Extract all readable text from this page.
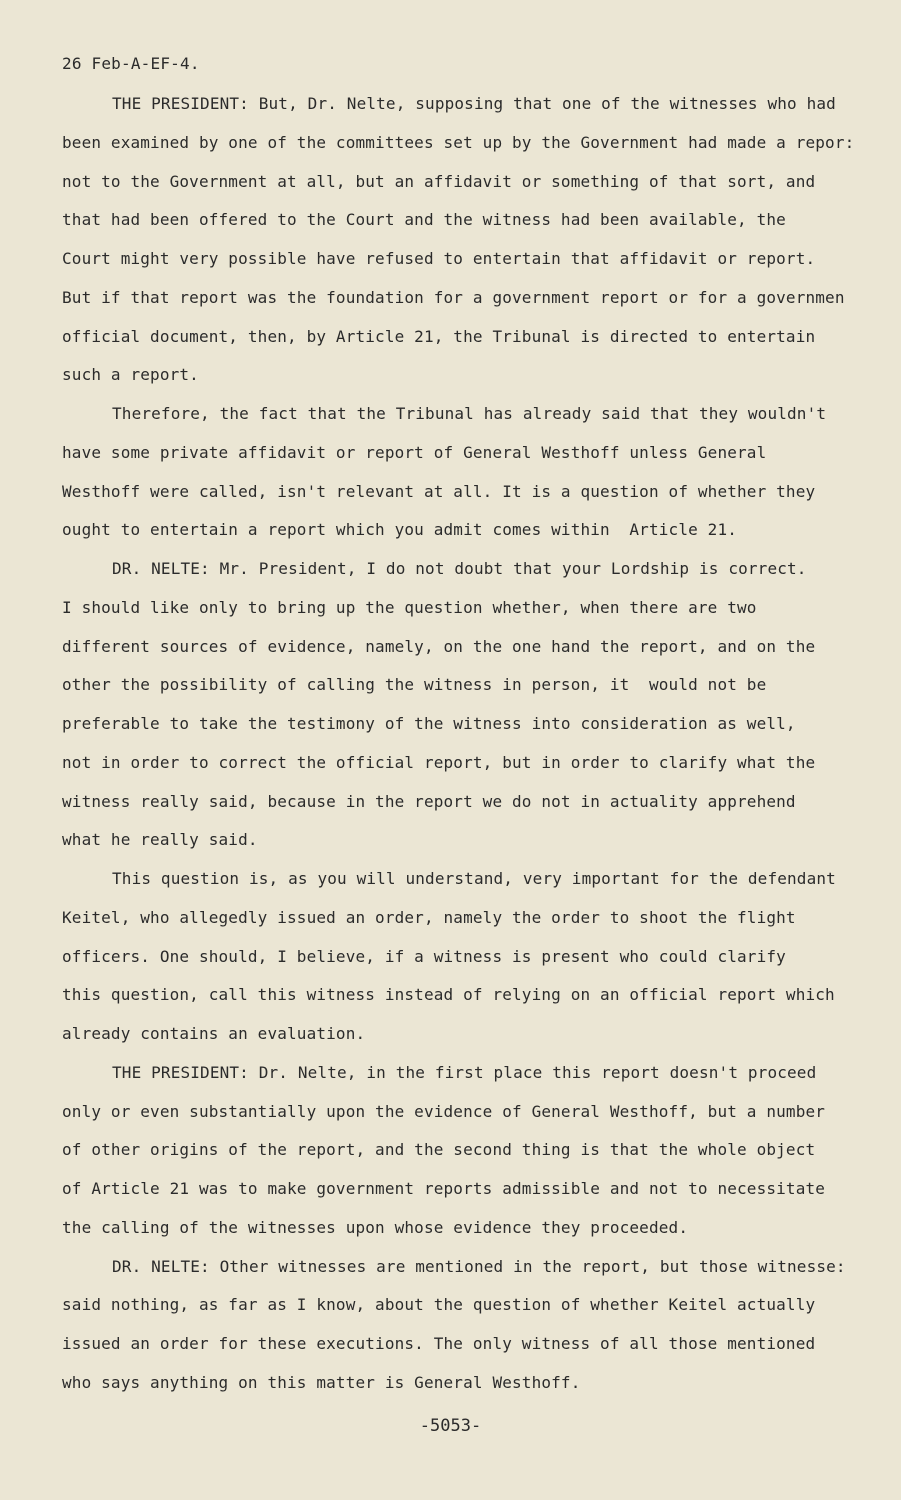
26 Feb-A-EF-4.
THE PRESIDENT: But, Dr. Nelte, supposing that one of the witnesses who had
been examined by one of the committees set up by the Government had made a repor:
not to the Government at all, but an affidavit or something of that sort, and
that had been offered to the Court and the witness had been available, the
Court might very possible have refused to entertain that affidavit or report.
But if that report was the foundation for a government report or for a governmen
official document, then, by Article 21, the Tribunal is directed to entertain
such a report.
Therefore, the fact that the Tribunal has already said that they wouldn't
have some private affidavit or report of General Westhoff unless General
Westhoff were called, isn't relevant at all. It is a question of whether they
ought to entertain a report which you admit comes within  Article 21.
DR. NELTE: Mr. President, I do not doubt that your Lordship is correct.
I should like only to bring up the question whether, when there are two
different sources of evidence, namely, on the one hand the report, and on the
other the possibility of calling the witness in person, it  would not be
preferable to take the testimony of the witness into consideration as well,
not in order to correct the official report, but in order to clarify what the
witness really said, because in the report we do not in actuality apprehend
what he really said.
This question is, as you will understand, very important for the defendant
Keitel, who allegedly issued an order, namely the order to shoot the flight
officers. One should, I believe, if a witness is present who could clarify
this question, call this witness instead of relying on an official report which
already contains an evaluation.
THE PRESIDENT: Dr. Nelte, in the first place this report doesn't proceed
only or even substantially upon the evidence of General Westhoff, but a number
of other origins of the report, and the second thing is that the whole object
of Article 21 was to make government reports admissible and not to necessitate
the calling of the witnesses upon whose evidence they proceeded.
DR. NELTE: Other witnesses are mentioned in the report, but those witnesse:
said nothing, as far as I know, about the question of whether Keitel actually
issued an order for these executions. The only witness of all those mentioned
who says anything on this matter is General Westhoff.
-5053-
